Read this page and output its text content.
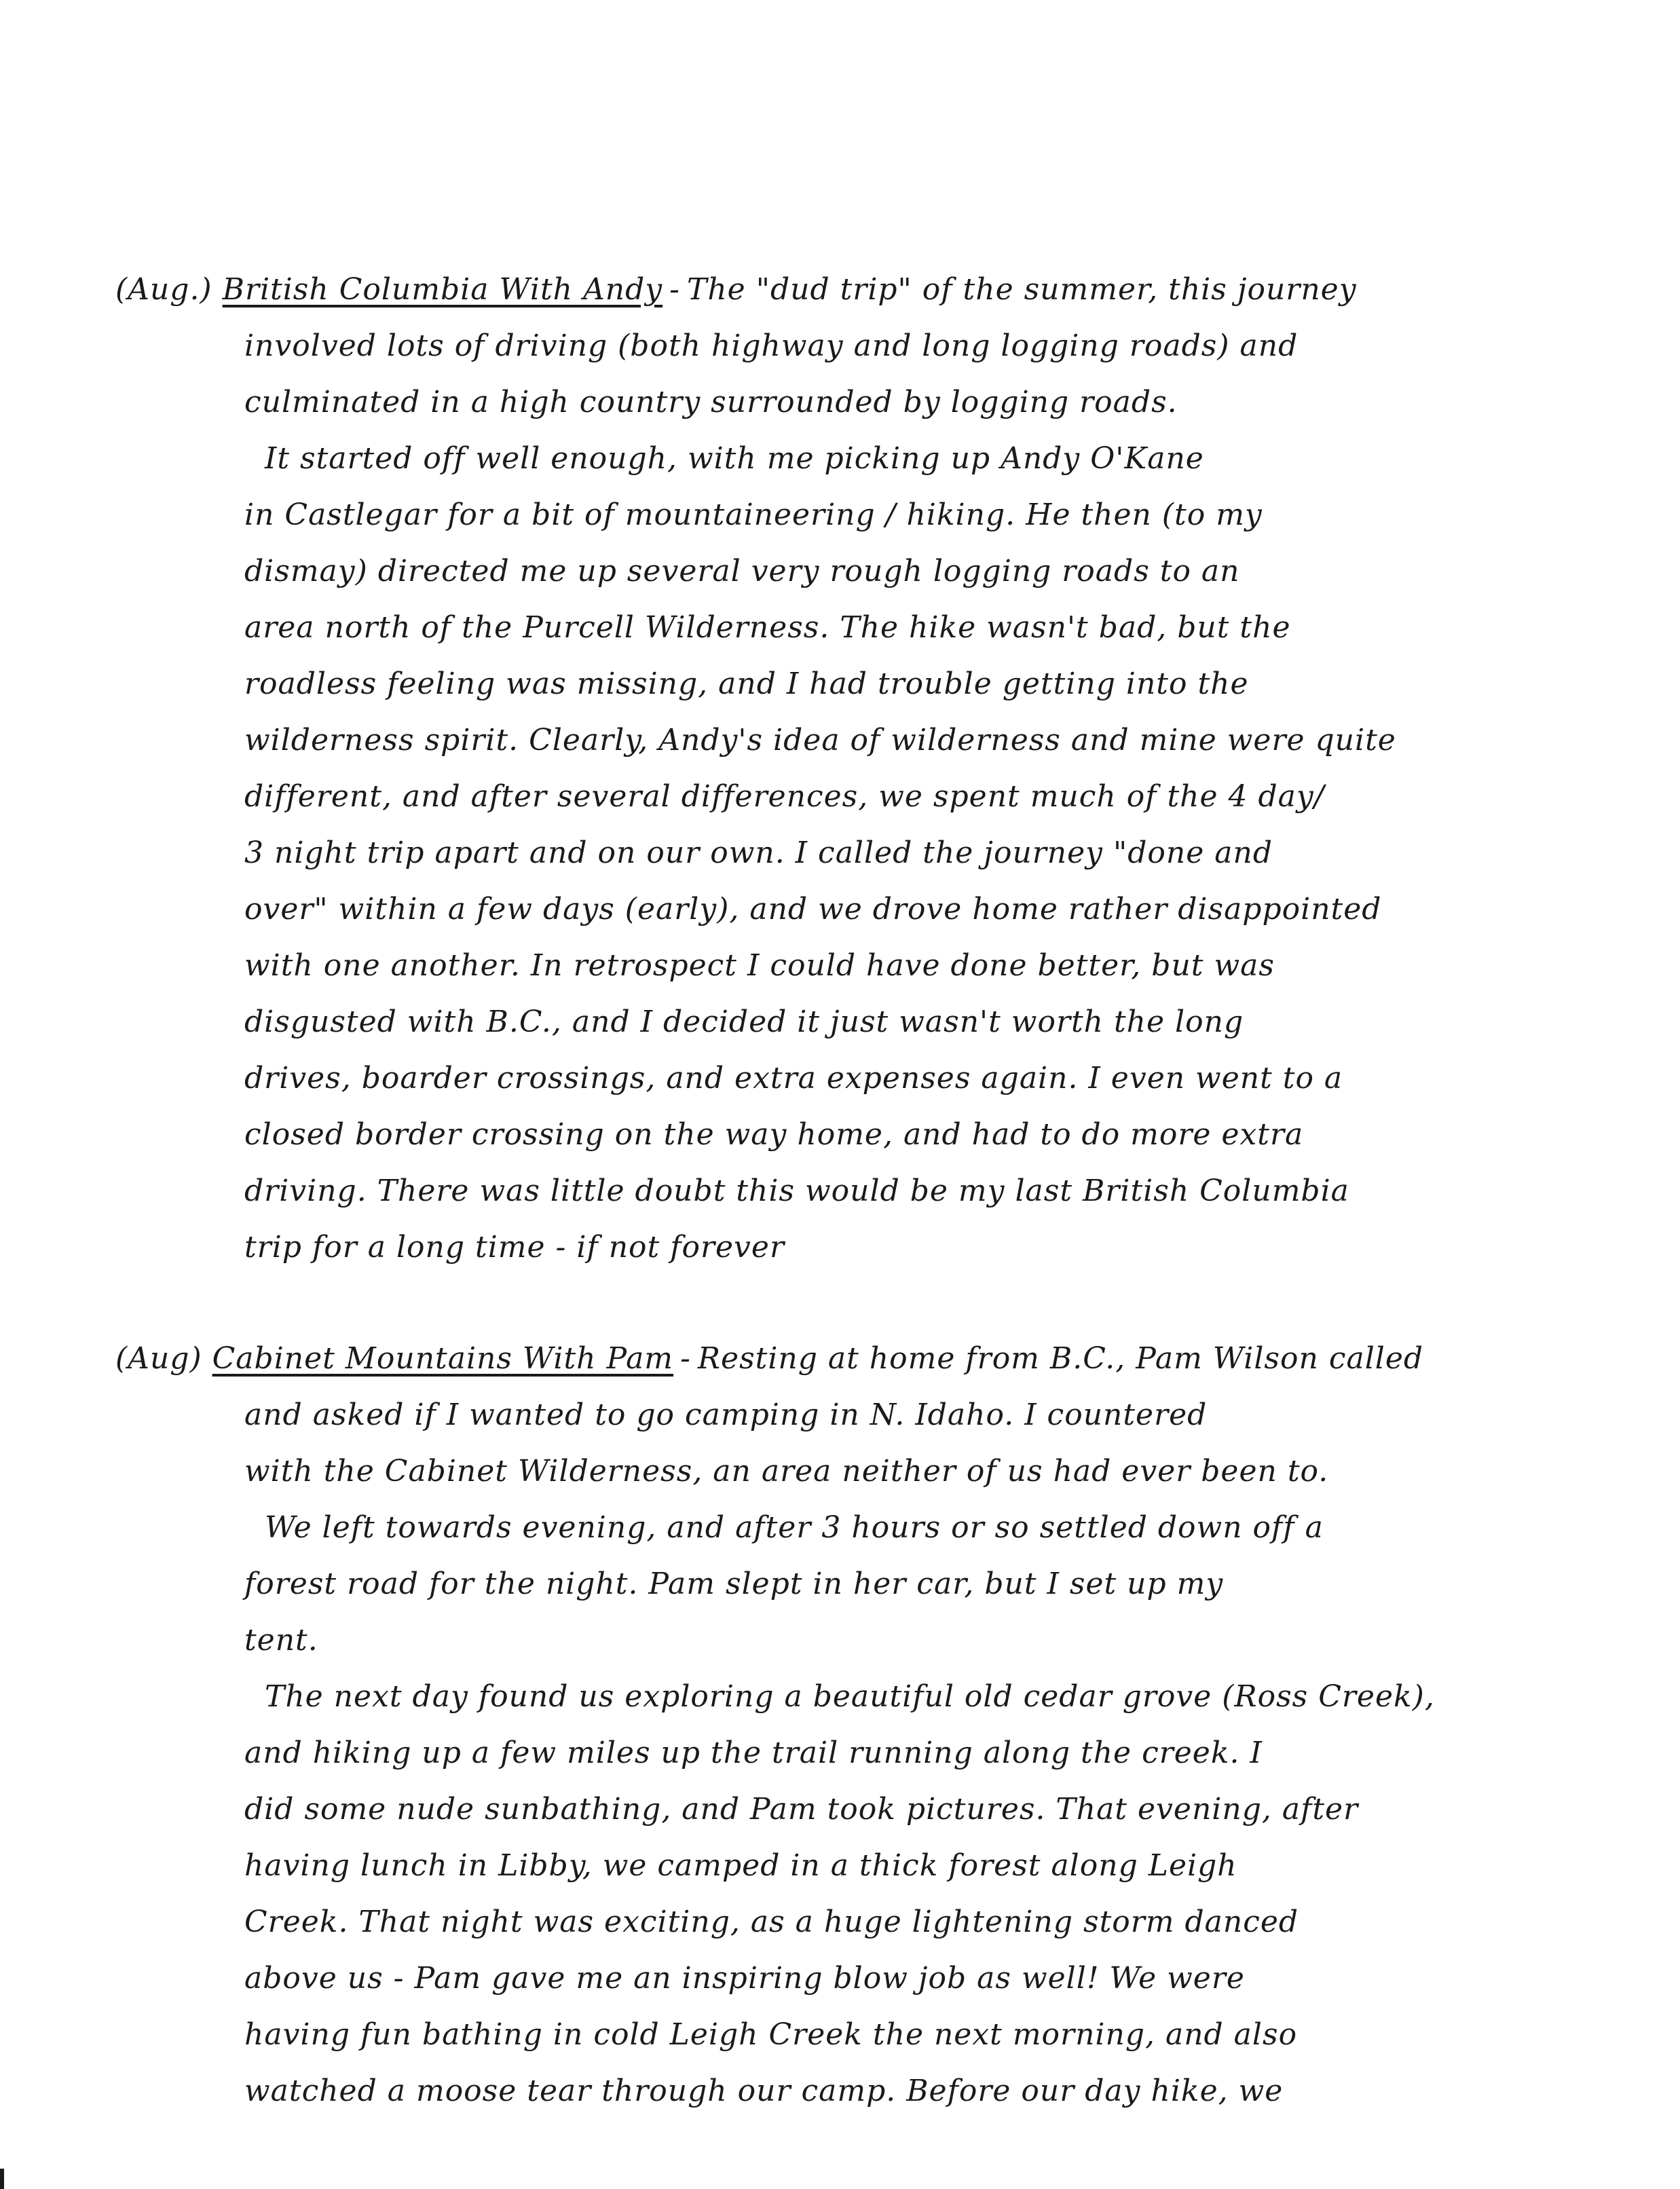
(Aug.) British Columbia With Andy - The "dud trip" of the summer, this journey
involved lots of driving (both highway and long logging roads) and
culminated in a high country surrounded by logging roads.
It started off well enough, with me picking up Andy O'Kane
in Castlegar for a bit of mountaineering / hiking. He then (to my
dismay) directed me up several very rough logging roads to an
area north of the Purcell Wilderness. The hike wasn't bad, but the
roadless feeling was missing, and I had trouble getting into the
wilderness spirit. Clearly, Andy's idea of wilderness and mine were quite
different, and after several differences, we spent much of the 4 day/
3 night trip apart and on our own. I called the journey "done and
over" within a few days (early), and we drove home rather disappointed
with one another. In retrospect I could have done better, but was
disgusted with B.C., and I decided it just wasn't worth the long
drives, boarder crossings, and extra expenses again. I even went to a
closed border crossing on the way home, and had to do more extra
driving. There was little doubt this would be my last British Columbia
trip for a long time - if not forever
(Aug) Cabinet Mountains With Pam - Resting at home from B.C., Pam Wilson called
and asked if I wanted to go camping in N. Idaho. I countered
with the Cabinet Wilderness, an area neither of us had ever been to.
We left towards evening, and after 3 hours or so settled down off a
forest road for the night. Pam slept in her car, but I set up my
tent.
The next day found us exploring a beautiful old cedar grove (Ross Creek),
and hiking up a few miles up the trail running along the creek. I
did some nude sunbathing, and Pam took pictures. That evening, after
having lunch in Libby, we camped in a thick forest along Leigh
Creek. That night was exciting, as a huge lightening storm danced
above us - Pam gave me an inspiring blow job as well! We were
having fun bathing in cold Leigh Creek the next morning, and also
watched a moose tear through our camp. Before our day hike, we
